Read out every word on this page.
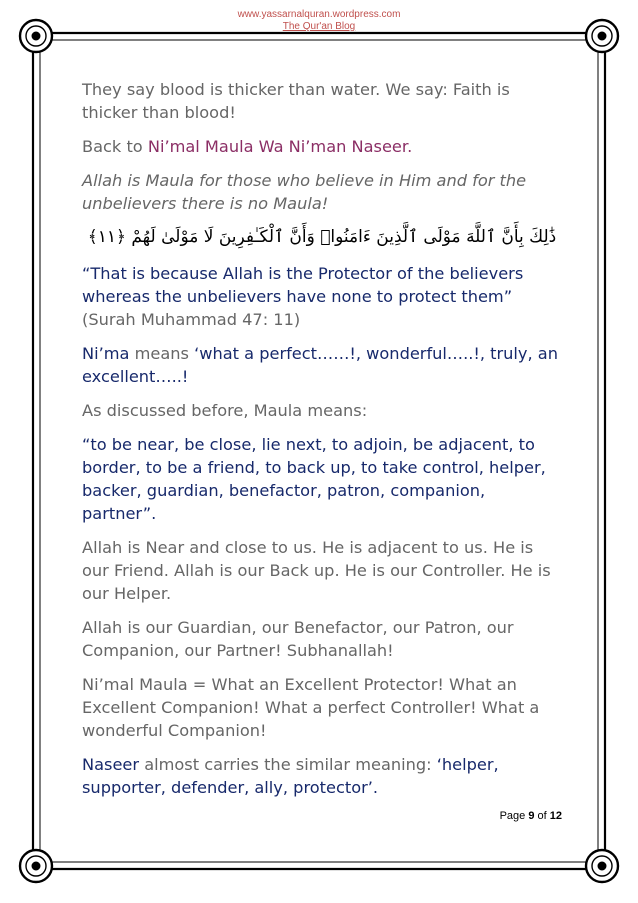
www.yassarnalquran.wordpress.com
The Qur'an Blog

They say blood is thicker than water. We say: Faith is thicker than blood!

Back to Ni’mal Maula Wa Ni’man Naseer.

Allah is Maula for those who believe in Him and for the unbelievers there is no Maula!

ذَٰلِكَ بِأَنَّ ٱللَّهَ مَوْلَى ٱلَّذِينَ ءَامَنُوا۟ وَأَنَّ ٱلْكَـٰفِرِينَ لَا مَوْلَىٰ لَهُمْ ﴿١١﴾

“That is because Allah is the Protector of the believers whereas the unbelievers have none to protect them” (Surah Muhammad 47: 11)

Ni’ma means ‘what a perfect……!, wonderful…..!, truly, an excellent…..!

As discussed before, Maula means:

“to be near, be close, lie next, to adjoin, be adjacent, to border, to be a friend, to back up, to take control, helper, backer, guardian, benefactor, patron, companion, partner”.

Allah is Near and close to us. He is adjacent to us. He is our Friend. Allah is our Back up. He is our Controller. He is our Helper.

Allah is our Guardian, our Benefactor, our Patron, our Companion, our Partner! Subhanallah!

Ni’mal Maula = What an Excellent Protector! What an Excellent Companion! What a perfect Controller! What a wonderful Companion!

Naseer almost carries the similar meaning: ‘helper, supporter, defender, ally, protector’.

Page 9 of 12
